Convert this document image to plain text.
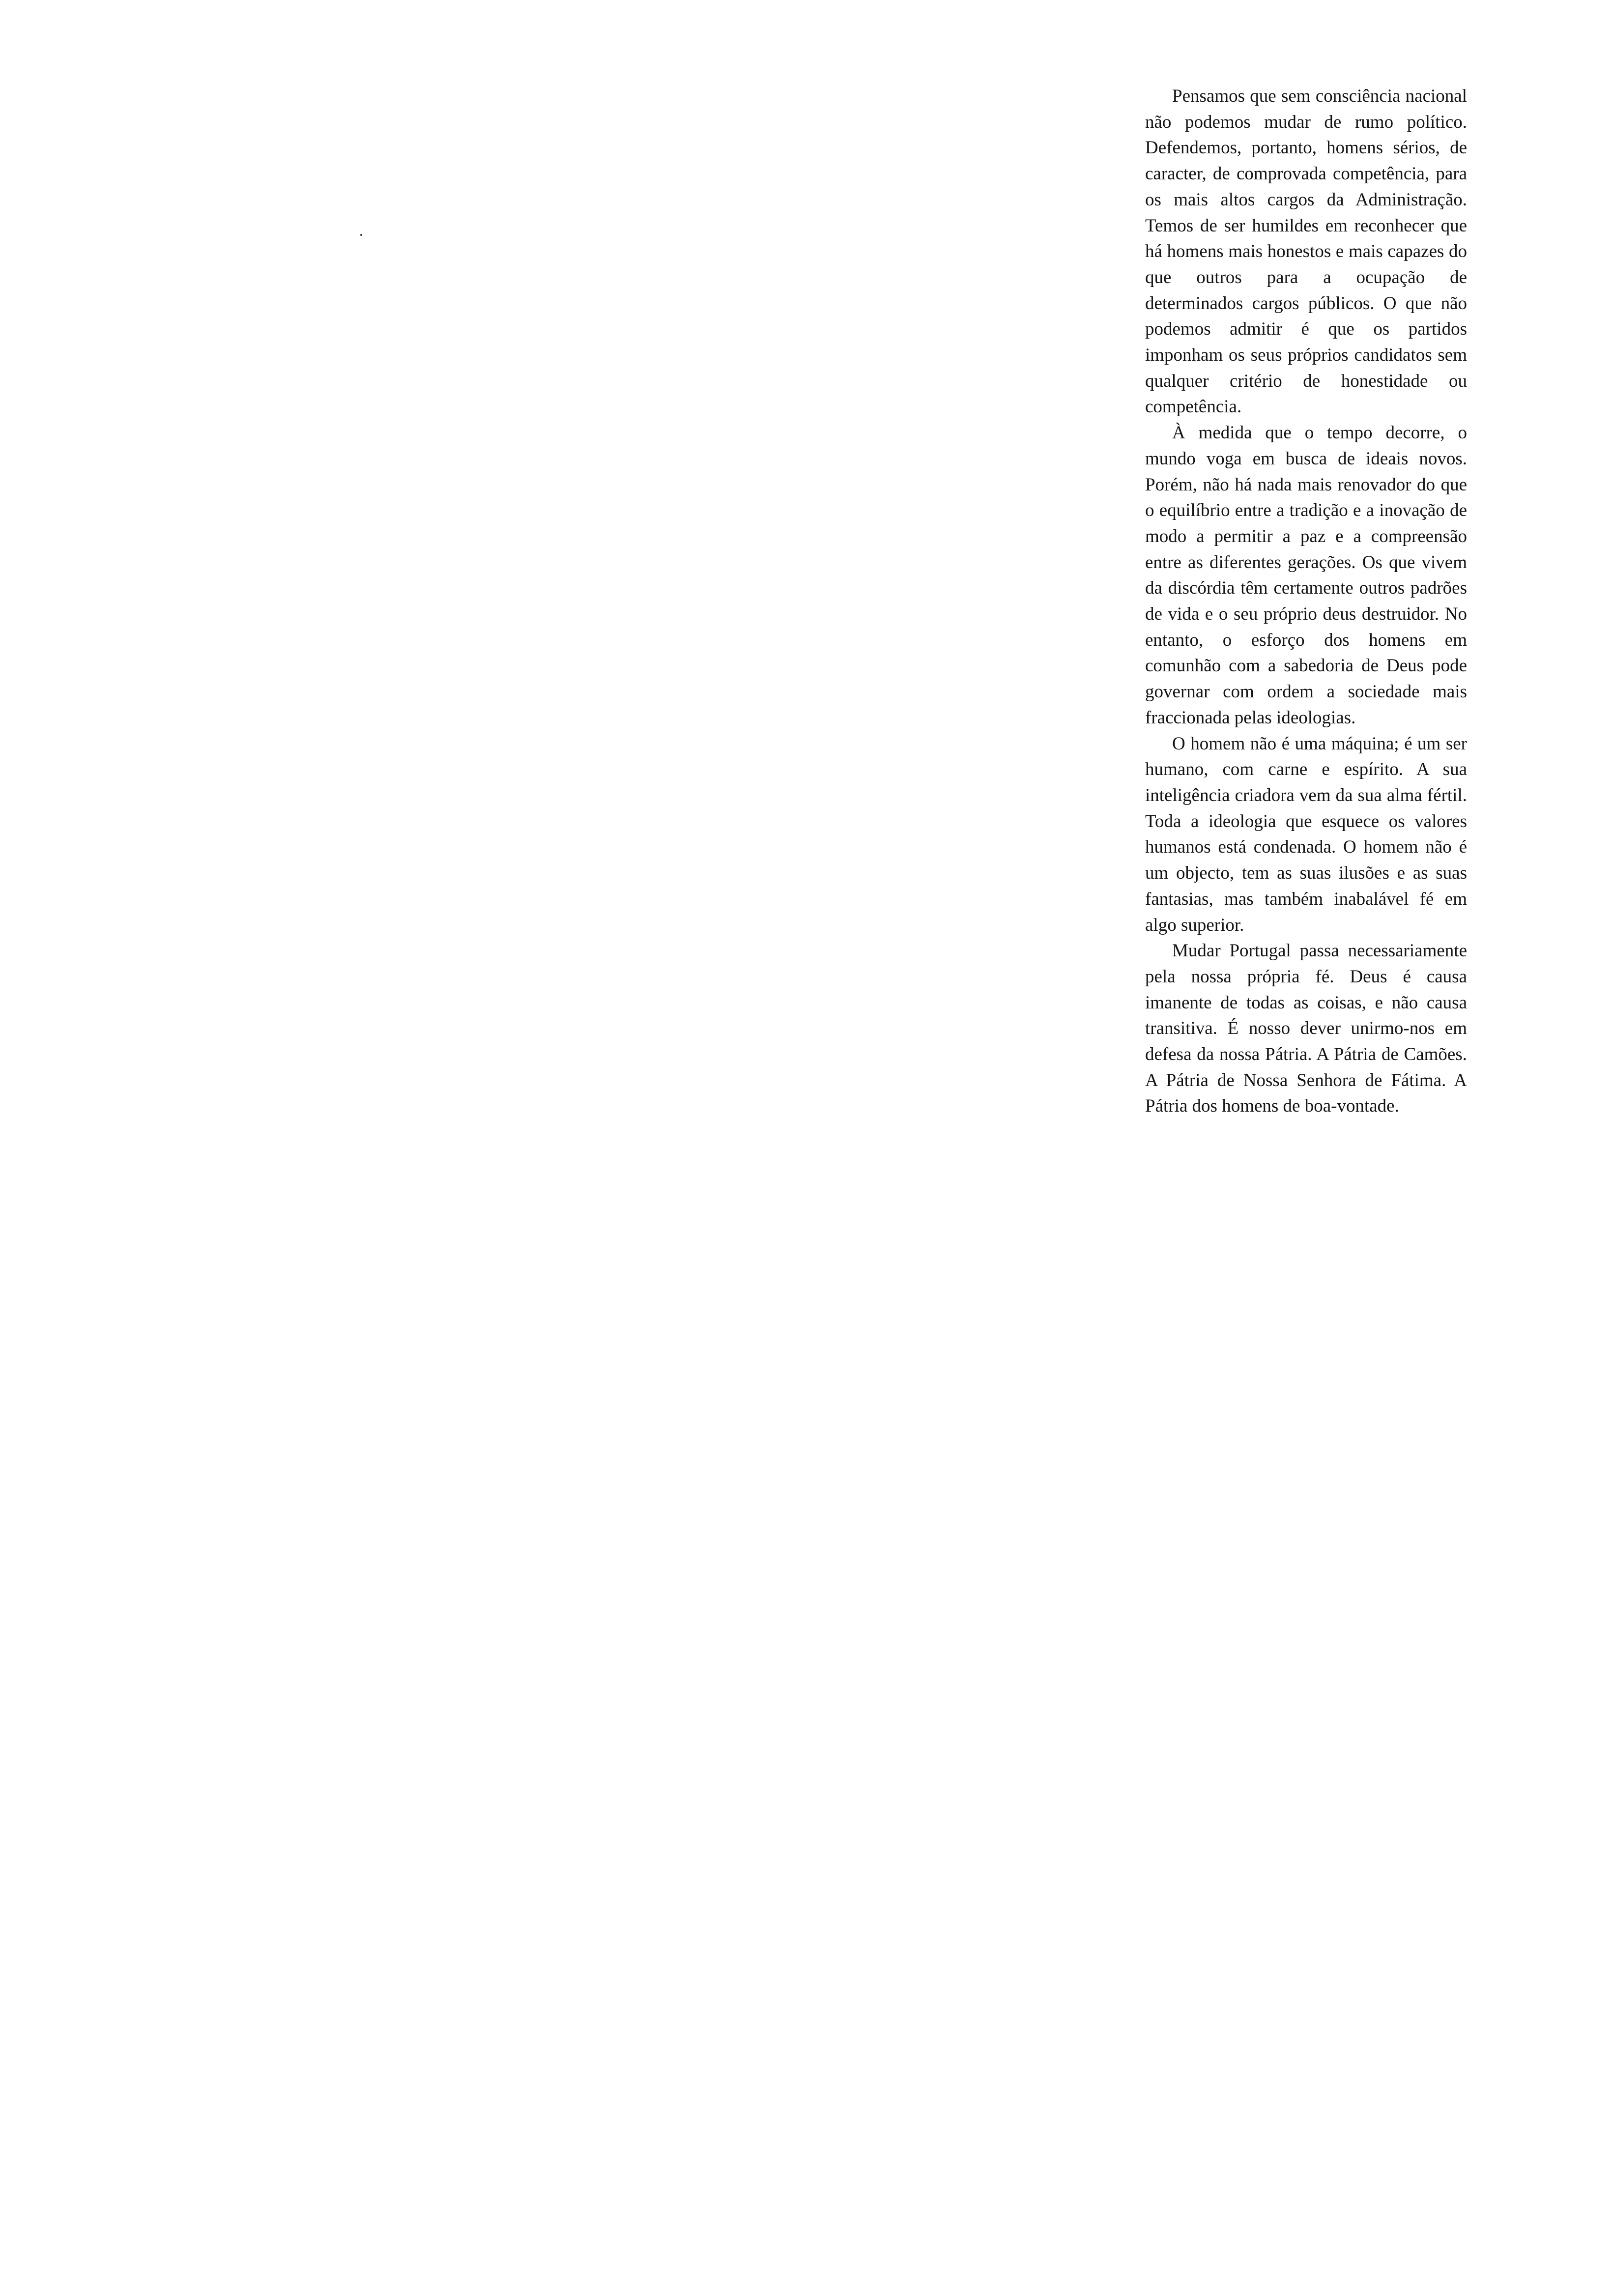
Pensamos que sem consciência nacional não podemos mudar de rumo político. Defendemos, portanto, homens sérios, de caracter, de comprovada competência, para os mais altos cargos da Administração. Temos de ser humildes em reconhecer que há homens mais honestos e mais capazes do que outros para a ocupação de determinados cargos públicos. O que não podemos admitir é que os partidos imponham os seus próprios candidatos sem qualquer critério de honestidade ou competência.

À medida que o tempo decorre, o mundo voga em busca de ideais novos. Porém, não há nada mais renovador do que o equilíbrio entre a tradição e a inovação de modo a permitir a paz e a compreensão entre as diferentes gerações. Os que vivem da discórdia têm certamente outros padrões de vida e o seu próprio deus destruidor. No entanto, o esforço dos homens em comunhão com a sabedoria de Deus pode governar com ordem a sociedade mais fraccionada pelas ideologias.

O homem não é uma máquina; é um ser humano, com carne e espírito. A sua inteligência criadora vem da sua alma fértil. Toda a ideologia que esquece os valores humanos está condenada. O homem não é um objecto, tem as suas ilusões e as suas fantasias, mas também inabalável fé em algo superior.

Mudar Portugal passa necessariamente pela nossa própria fé. Deus é causa imanente de todas as coisas, e não causa transitiva. É nosso dever unirmo-nos em defesa da nossa Pátria. A Pátria de Camões. A Pátria de Nossa Senhora de Fátima. A Pátria dos homens de boa-vontade.
